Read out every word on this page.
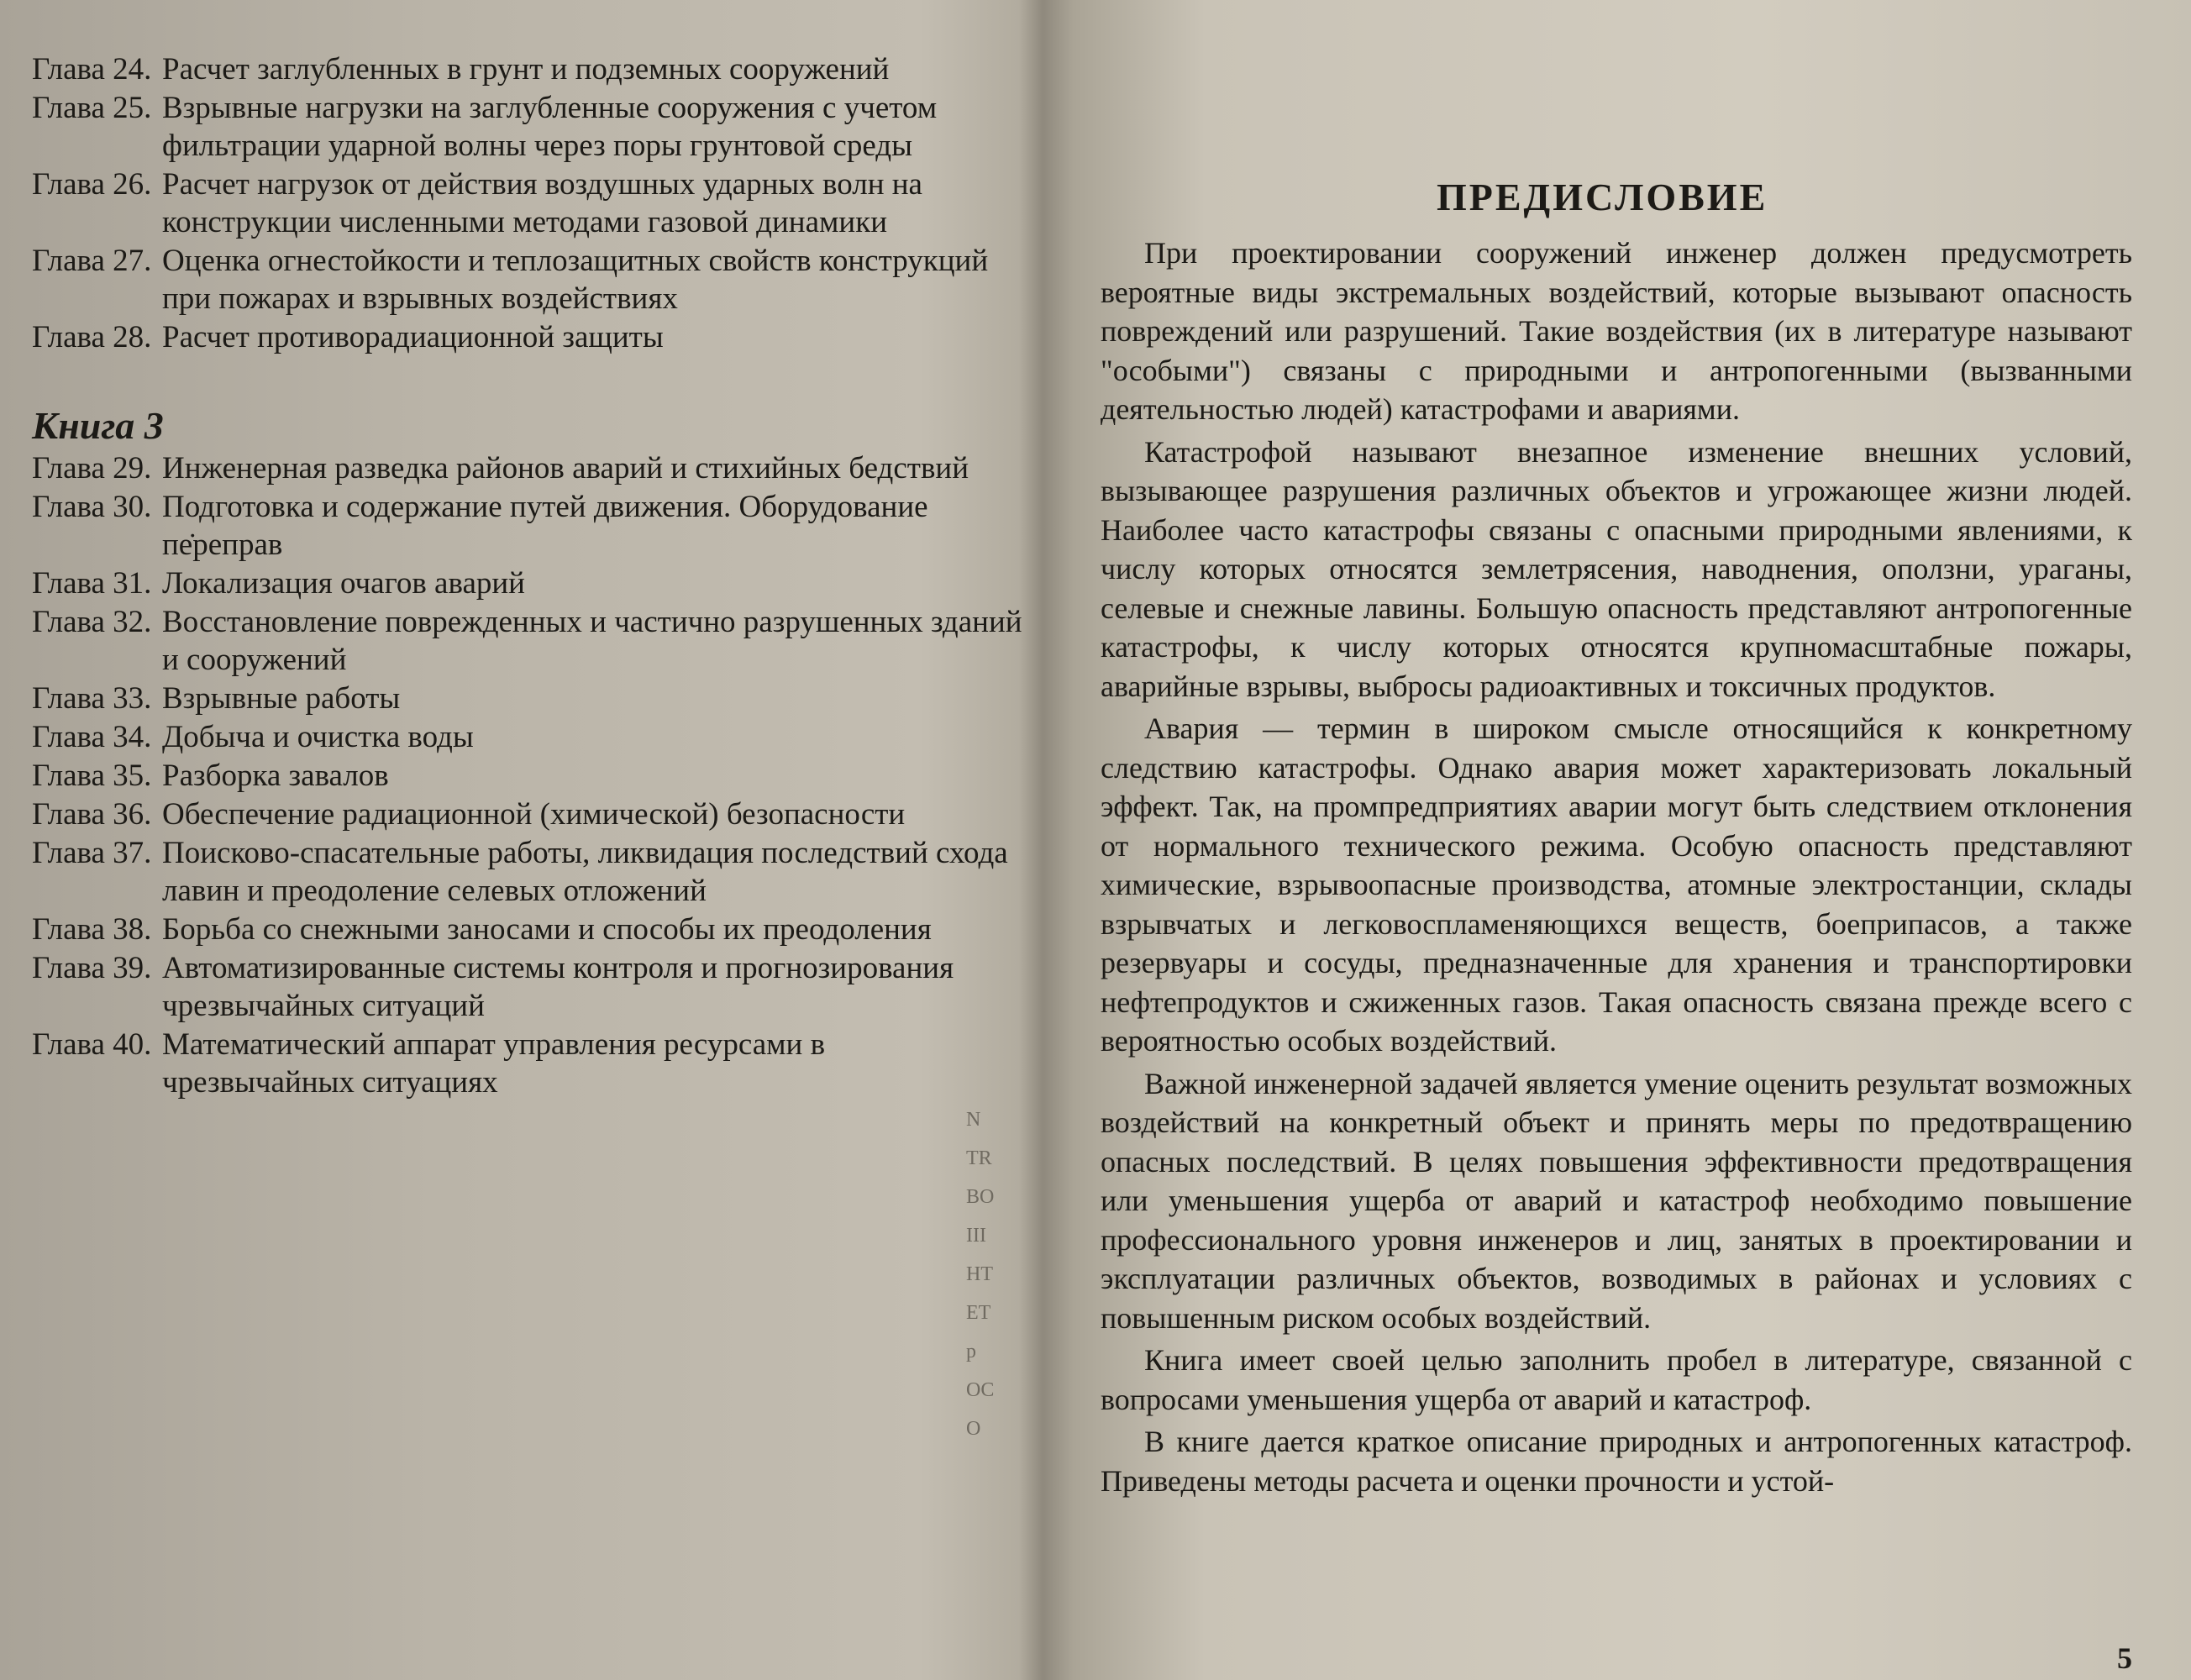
Глава 24. Расчет заглубленных в грунт и подземных сооружений
Глава 25. Взрывные нагрузки на заглубленные сооружения с учетом фильтрации ударной волны через поры грунтовой среды
Глава 26. Расчет нагрузок от действия воздушных ударных волн на конструкции численными методами газовой динамики
Глава 27. Оценка огнестойкости и теплозащитных свойств конструкций при пожарах и взрывных воздействиях
Глава 28. Расчет противорадиационной защиты
Книга 3
Глава 29. Инженерная разведка районов аварий и стихийных бедствий
Глава 30. Подготовка и содержание путей движения. Оборудование пе̇реправ
Глава 31. Локализация очагов аварий
Глава 32. Восстановление поврежденных и частично разрушенных зданий и сооружений
Глава 33. Взрывные работы
Глава 34. Добыча и очистка воды
Глава 35. Разборка завалов
Глава 36. Обеспечение радиационной (химической) безопасности
Глава 37. Поисково-спасательные работы, ликвидация последствий схода лавин и преодоление селевых отложений
Глава 38. Борьба со снежными заносами и способы их преодоления
Глава 39. Автоматизированные системы контроля и прогнозирования чрезвычайных ситуаций
Глава 40. Математический аппарат управления ресурсами в чрезвычайных ситуациях
N
TR
BO
III
HT
ET
p
OC
O
ПРЕДИСЛОВИЕ

При проектировании сооружений инженер должен предусмотреть вероятные виды экстремальных воздействий, которые вызывают опасность повреждений или разрушений. Такие воздействия (их в литературе называют "особыми") связаны с природными и антропогенными (вызванными деятельностью людей) катастрофами и авариями.

Катастрофой называют внезапное изменение внешних условий, вызывающее разрушения различных объектов и угрожающее жизни людей. Наиболее часто катастрофы связаны с опасными природными явлениями, к числу которых относятся землетрясения, наводнения, оползни, ураганы, селевые и снежные лавины. Большую опасность представляют антропогенные катастрофы, к числу которых относятся крупномасштабные пожары, аварийные взрывы, выбросы радиоактивных и токсичных продуктов.

Авария — термин в широком смысле относящийся к конкретному следствию катастрофы. Однако авария может характеризовать локальный эффект. Так, на промпредприятиях аварии могут быть следствием отклонения от нормального технического режима. Особую опасность представляют химические, взрывоопасные производства, атомные электростанции, склады взрывчатых и легковоспламеняющихся веществ, боеприпасов, а также резервуары и сосуды, предназначенные для хранения и транспортировки нефтепродуктов и сжиженных газов. Такая опасность связана прежде всего с вероятностью особых воздействий.

Важной инженерной задачей является умение оценить результат возможных воздействий на конкретный объект и принять меры по предотвращению опасных последствий. В целях повышения эффективности предотвращения или уменьшения ущерба от аварий и катастроф необходимо повышение профессионального уровня инженеров и лиц, занятых в проектировании и эксплуатации различных объектов, возводимых в районах и условиях с повышенным риском особых воздействий.

Книга имеет своей целью заполнить пробел в литературе, связанной с вопросами уменьшения ущерба от аварий и катастроф.

В книге дается краткое описание природных и антропогенных катастроф. Приведены методы расчета и оценки прочности и устой-

5
